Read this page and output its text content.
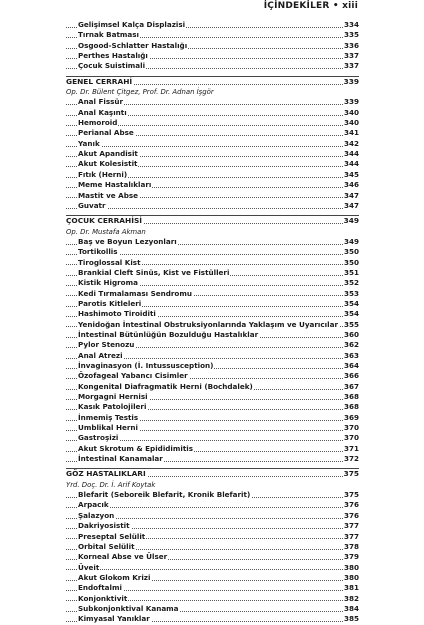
İÇİNDEKİLER • xiii
Gelişimsel Kalça Displazisi	334
Tırnak Batması	335
Osgood-Schlatter Hastalığı	336
Perthes Hastalığı	337
Çocuk Suistimali	337
GENEL CERRAHİ	339
Op. Dr. Bülent Çitgez, Prof. Dr. Adnan İşgör
Anal Fissür	339
Anal Kaşıntı	340
Hemoroid	340
Perianal Abse	341
Yanık	342
Akut Apandisit	344
Akut Kolesistit	344
Fıtık (Herni)	345
Meme Hastalıkları	346
Mastit ve Abse	347
Guvatr	347
ÇOCUK CERRAHİSİ	349
Op. Dr. Mustafa Akman
Baş ve Boyun Lezyonları	349
Tortikollis	350
Tiroglossal Kist	350
Brankial Cleft Sinüs, Kist ve Fistülleri	351
Kistik Higroma	352
Kedi Tırmalaması Sendromu	353
Parotis Kitleleri	354
Hashimoto Tiroiditi	354
Yenidoğan İntestinal Obstruksiyonlarında Yaklaşım ve Uyarıcılar 355
İntestinal Bütünlüğün Bozulduğu Hastalıklar	360
Pylor Stenozu	362
Anal Atrezi	363
İnvaginasyon (İ. Intussusception)	364
Özofageal Yabancı Cisimler	366
Kongenital Diafragmatik Herni (Bochdalek)	367
Morgagni Hernisi	368
Kasık Patolojileri	368
İnmemiş Testis	369
Umblikal Herni	370
Gastroşizi	370
Akut Skrotum & Epididimitis	371
İntestinal Kanamalar	372
GÖZ HASTALIKLARI	375
Yrd. Doç. Dr. İ. Arif Koytak
Blefarit (Seboreik Blefarit, Kronik Blefarit)	375
Arpacık	376
Şalazyon	376
Dakriyosistit	377
Preseptal Selülit	377
Orbital Selülit	378
Korneal Abse ve Ülser	379
Üveit	380
Akut Glokom Krizi	380
Endoftalmi	381
Konjonktivit	382
Subkonjonktival Kanama	384
Kimyasal Yanıklar	385
